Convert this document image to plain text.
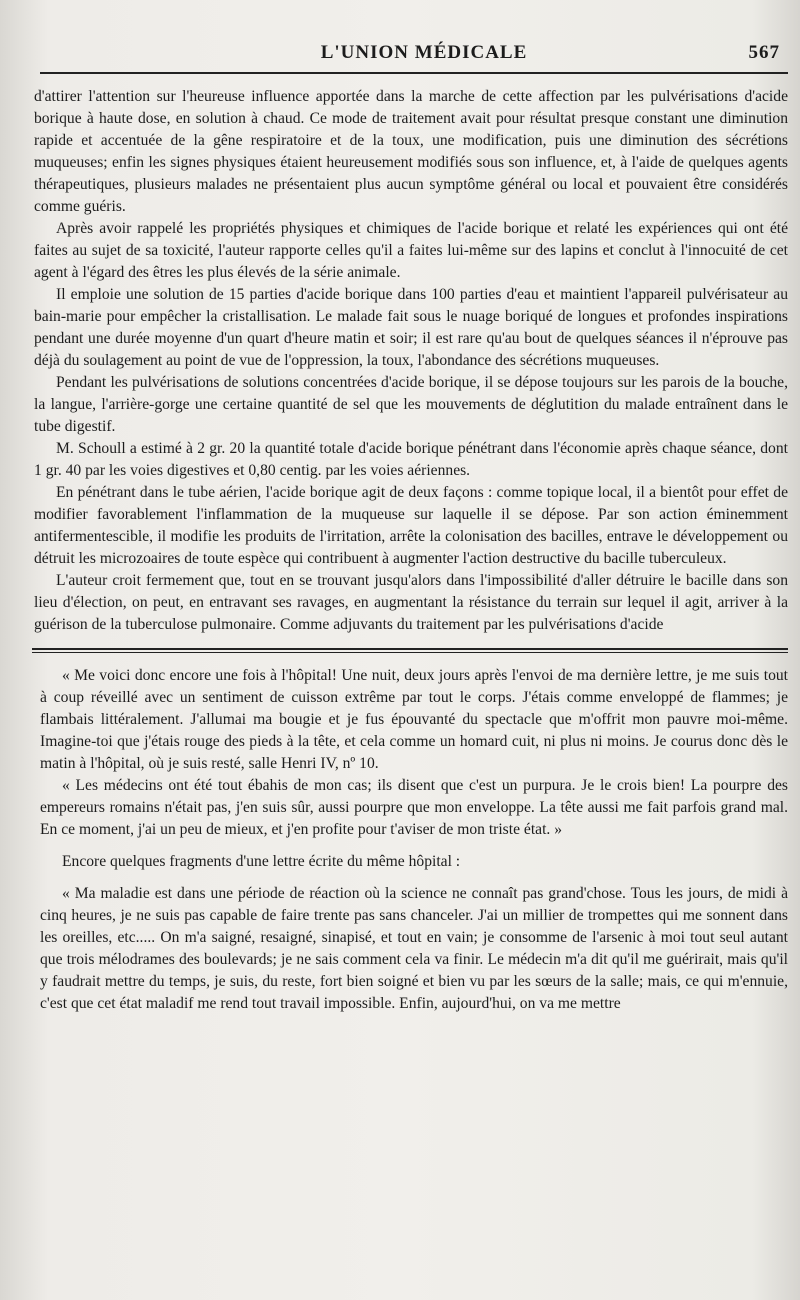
L'UNION MÉDICALE	567

d'attirer l'attention sur l'heureuse influence apportée dans la marche de cette affection par les pulvérisations d'acide borique à haute dose, en solution à chaud. Ce mode de traitement avait pour résultat presque constant une diminution rapide et accentuée de la gêne respiratoire et de la toux, une modification, puis une diminution des sécrétions muqueuses; enfin les signes physiques étaient heureusement modifiés sous son influence, et, à l'aide de quelques agents thérapeutiques, plusieurs malades ne présentaient plus aucun symptôme général ou local et pouvaient être considérés comme guéris.

Après avoir rappelé les propriétés physiques et chimiques de l'acide borique et relaté les expériences qui ont été faites au sujet de sa toxicité, l'auteur rapporte celles qu'il a faites lui-même sur des lapins et conclut à l'innocuité de cet agent à l'égard des êtres les plus élevés de la série animale.

Il emploie une solution de 15 parties d'acide borique dans 100 parties d'eau et maintient l'appareil pulvérisateur au bain-marie pour empêcher la cristallisation. Le malade fait sous le nuage boriqué de longues et profondes inspirations pendant une durée moyenne d'un quart d'heure matin et soir; il est rare qu'au bout de quelques séances il n'éprouve pas déjà du soulagement au point de vue de l'oppression, la toux, l'abondance des sécrétions muqueuses.

Pendant les pulvérisations de solutions concentrées d'acide borique, il se dépose toujours sur les parois de la bouche, la langue, l'arrière-gorge une certaine quantité de sel que les mouvements de déglutition du malade entraînent dans le tube digestif.

M. Schoull a estimé à 2 gr. 20 la quantité totale d'acide borique pénétrant dans l'économie après chaque séance, dont 1 gr. 40 par les voies digestives et 0,80 centig. par les voies aériennes.

En pénétrant dans le tube aérien, l'acide borique agit de deux façons : comme topique local, il a bientôt pour effet de modifier favorablement l'inflammation de la muqueuse sur laquelle il se dépose. Par son action éminemment antifermentescible, il modifie les produits de l'irritation, arrête la colonisation des bacilles, entrave le développement ou détruit les microzoaires de toute espèce qui contribuent à augmenter l'action destructive du bacille tuberculeux.

L'auteur croit fermement que, tout en se trouvant jusqu'alors dans l'impossibilité d'aller détruire le bacille dans son lieu d'élection, on peut, en entravant ses ravages, en augmentant la résistance du terrain sur lequel il agit, arriver à la guérison de la tuberculose pulmonaire. Comme adjuvants du traitement par les pulvérisations d'acide

« Me voici donc encore une fois à l'hôpital! Une nuit, deux jours après l'envoi de ma dernière lettre, je me suis tout à coup réveillé avec un sentiment de cuisson extrême par tout le corps. J'étais comme enveloppé de flammes; je flambais littéralement. J'allumai ma bougie et je fus épouvanté du spectacle que m'offrit mon pauvre moi-même. Imagine-toi que j'étais rouge des pieds à la tête, et cela comme un homard cuit, ni plus ni moins. Je courus donc dès le matin à l'hôpital, où je suis resté, salle Henri IV, nº 10.

« Les médecins ont été tout ébahis de mon cas; ils disent que c'est un purpura. Je le crois bien! La pourpre des empereurs romains n'était pas, j'en suis sûr, aussi pourpre que mon enveloppe. La tête aussi me fait parfois grand mal. En ce moment, j'ai un peu de mieux, et j'en profite pour t'aviser de mon triste état. »

Encore quelques fragments d'une lettre écrite du même hôpital :

« Ma maladie est dans une période de réaction où la science ne connaît pas grand'chose. Tous les jours, de midi à cinq heures, je ne suis pas capable de faire trente pas sans chanceler. J'ai un millier de trompettes qui me sonnent dans les oreilles, etc..... On m'a saigné, resaigné, sinapisé, et tout en vain; je consomme de l'arsenic à moi tout seul autant que trois mélodrames des boulevards; je ne sais comment cela va finir. Le médecin m'a dit qu'il me guérirait, mais qu'il y faudrait mettre du temps, je suis, du reste, fort bien soigné et bien vu par les sœurs de la salle; mais, ce qui m'ennuie, c'est que cet état maladif me rend tout travail impossible. Enfin, aujourd'hui, on va me mettre
